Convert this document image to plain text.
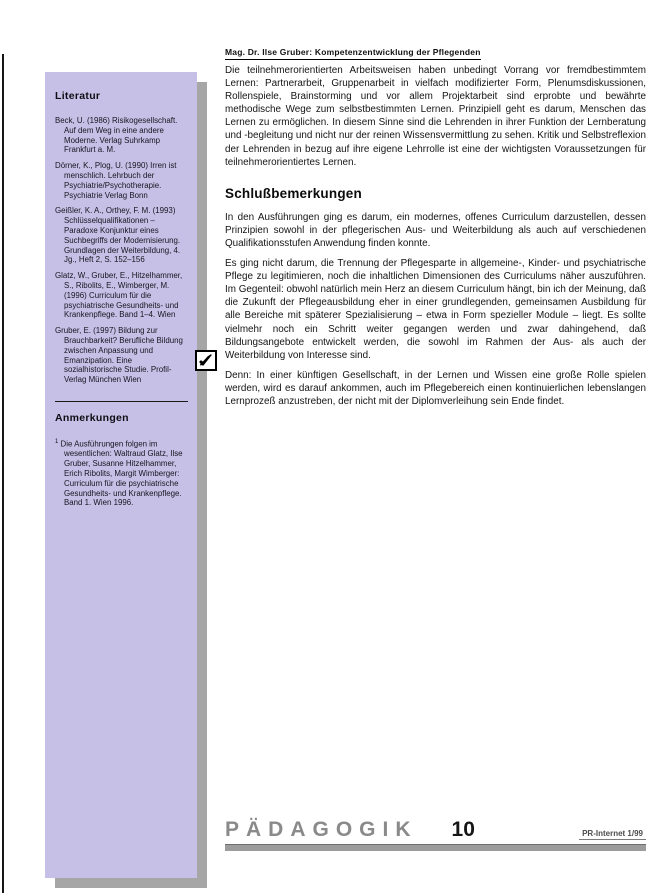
Mag. Dr. Ilse Gruber: Kompetenzentwicklung der Pflegenden
Literatur

Beck, U. (1986) Risikogesellschaft. Auf dem Weg in eine andere Moderne. Verlag Suhrkamp Frankfurt a. M.

Dörner, K., Plog, U. (1990) Irren ist menschlich. Lehrbuch der Psychiatrie/Psychotherapie. Psychiatrie Verlag Bonn

Geißler, K. A., Orthey, F. M. (1993) Schlüsselqualifikationen – Paradoxe Konjunktur eines Suchbegriffs der Modernisierung. Grundlagen der Weiterbildung, 4. Jg., Heft 2, S. 152–156

Glatz, W., Gruber, E., Hitzelhammer, S., Ribolits, E., Wimberger, M. (1996) Curriculum für die psychiatrische Gesundheits- und Krankenpflege. Band 1–4. Wien

Gruber, E. (1997) Bildung zur Brauchbarkeit? Berufliche Bildung zwischen Anpassung und Emanzipation. Eine sozialhistorische Studie. Profil-Verlag München Wien

Anmerkungen

$^1$ Die Ausführungen folgen im wesentlichen: Waltraud Glatz, Ilse Gruber, Susanne Hitzelhammer, Erich Ribolits, Margit Wimberger: Curriculum für die psychiatrische Gesundheits- und Krankenpflege. Band 1. Wien 1996.

Die teilnehmerorientierten Arbeitsweisen haben unbedingt Vorrang vor fremdbestimmtem Lernen: Partnerarbeit, Gruppenarbeit in vielfach modifizierter Form, Plenumsdiskussionen, Rollenspiele, Brainstorming und vor allem Projektarbeit sind erprobte und bewährte methodische Wege zum selbstbestimmten Lernen. Prinzipiell geht es darum, Menschen das Lernen zu ermöglichen. In diesem Sinne sind die Lehrenden in ihrer Funktion der Lernberatung und -begleitung und nicht nur der reinen Wissensvermittlung zu sehen. Kritik und Selbstreflexion der Lehrenden in bezug auf ihre eigene Lehrrolle ist eine der wichtigsten Voraussetzungen für teilnehmerorientiertes Lernen.

Schlußbemerkungen

In den Ausführungen ging es darum, ein modernes, offenes Curriculum darzustellen, dessen Prinzipien sowohl in der pflegerischen Aus- und Weiterbildung als auch auf verschiedenen Qualifikationsstufen Anwendung finden konnte.

Es ging nicht darum, die Trennung der Pflegesparte in allgemeine-, Kinder- und psychiatrische Pflege zu legitimieren, noch die inhaltlichen Dimensionen des Curriculums näher auszuführen. Im Gegenteil: obwohl natürlich mein Herz an diesem Curriculum hängt, bin ich der Meinung, daß die Zukunft der Pflegeausbildung eher in einer grundlegenden, gemeinsamen Ausbildung für alle Bereiche mit späterer Spezialisierung – etwa in Form spezieller Module – liegt. Es sollte vielmehr noch ein Schritt weiter gegangen werden und zwar dahingehend, daß Bildungsangebote entwickelt werden, die sowohl im Rahmen der Aus- als auch der Weiterbildung von Interesse sind.

Denn: In einer künftigen Gesellschaft, in der Lernen und Wissen eine große Rolle spielen werden, wird es darauf ankommen, auch im Pflegebereich einen kontinuierlichen lebenslangen Lernprozeß anzustreben, der nicht mit der Diplomverleihung sein Ende findet.

PÄDAGOGIK 10	PR-Internet 1/99
